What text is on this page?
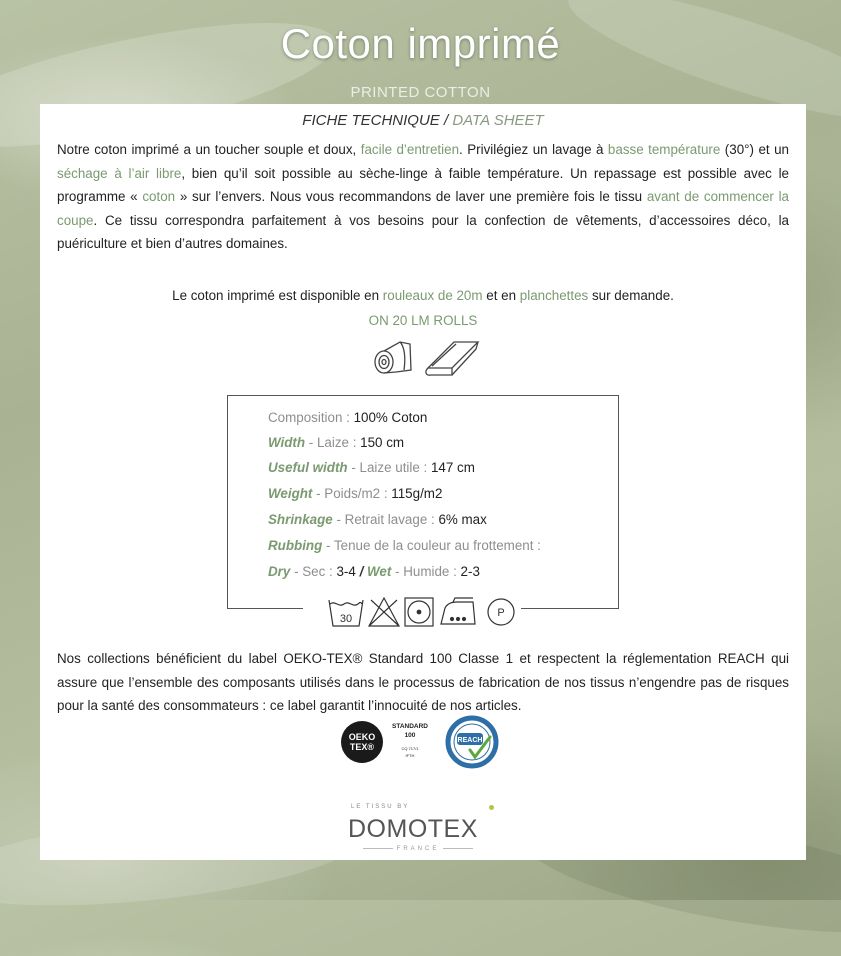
Coton imprimé
PRINTED COTTON
FICHE TECHNIQUE / DATA SHEET

Notre coton imprimé a un toucher souple et doux, facile d’entretien. Privilégiez un lavage à basse température (30°) et un séchage à l’air libre, bien qu’il soit possible au sèche-linge à faible température. Un repassage est possible avec le programme « coton » sur l’envers. Nous vous recommandons de laver une première fois le tissu avant de commencer la coupe. Ce tissu correspondra parfaitement à vos besoins pour la confection de vêtements, d’accessoires déco, la puériculture et bien d’autres domaines.

Le coton imprimé est disponible en rouleaux de 20m et en planchettes sur demande.
ON 20 LM ROLLS
Composition : 100% Coton
Width - Laize : 150 cm
Useful width - Laize utile : 147 cm
Weight - Poids/m2 : 115g/m2
Shrinkage - Retrait lavage : 6% max
Rubbing - Tenue de la couleur au frottement :
Dry - Sec : 3-4 / Wet - Humide : 2-3
30	P

Nos collections bénéficient du label OEKO-TEX® Standard 100 Classe 1 et respectent la réglementation REACH qui assure que l’ensemble des composants utilisés dans le processus de fabrication de nos tissus n’engendre pas de risques pour la santé des consommateurs : ce label garantit l’innocuité de nos articles.

OEKO
TEX®
STANDARD
100
CQ 717/1
IFTH
REACH
LE TISSU BY
DOMOTEX
FRANCE
